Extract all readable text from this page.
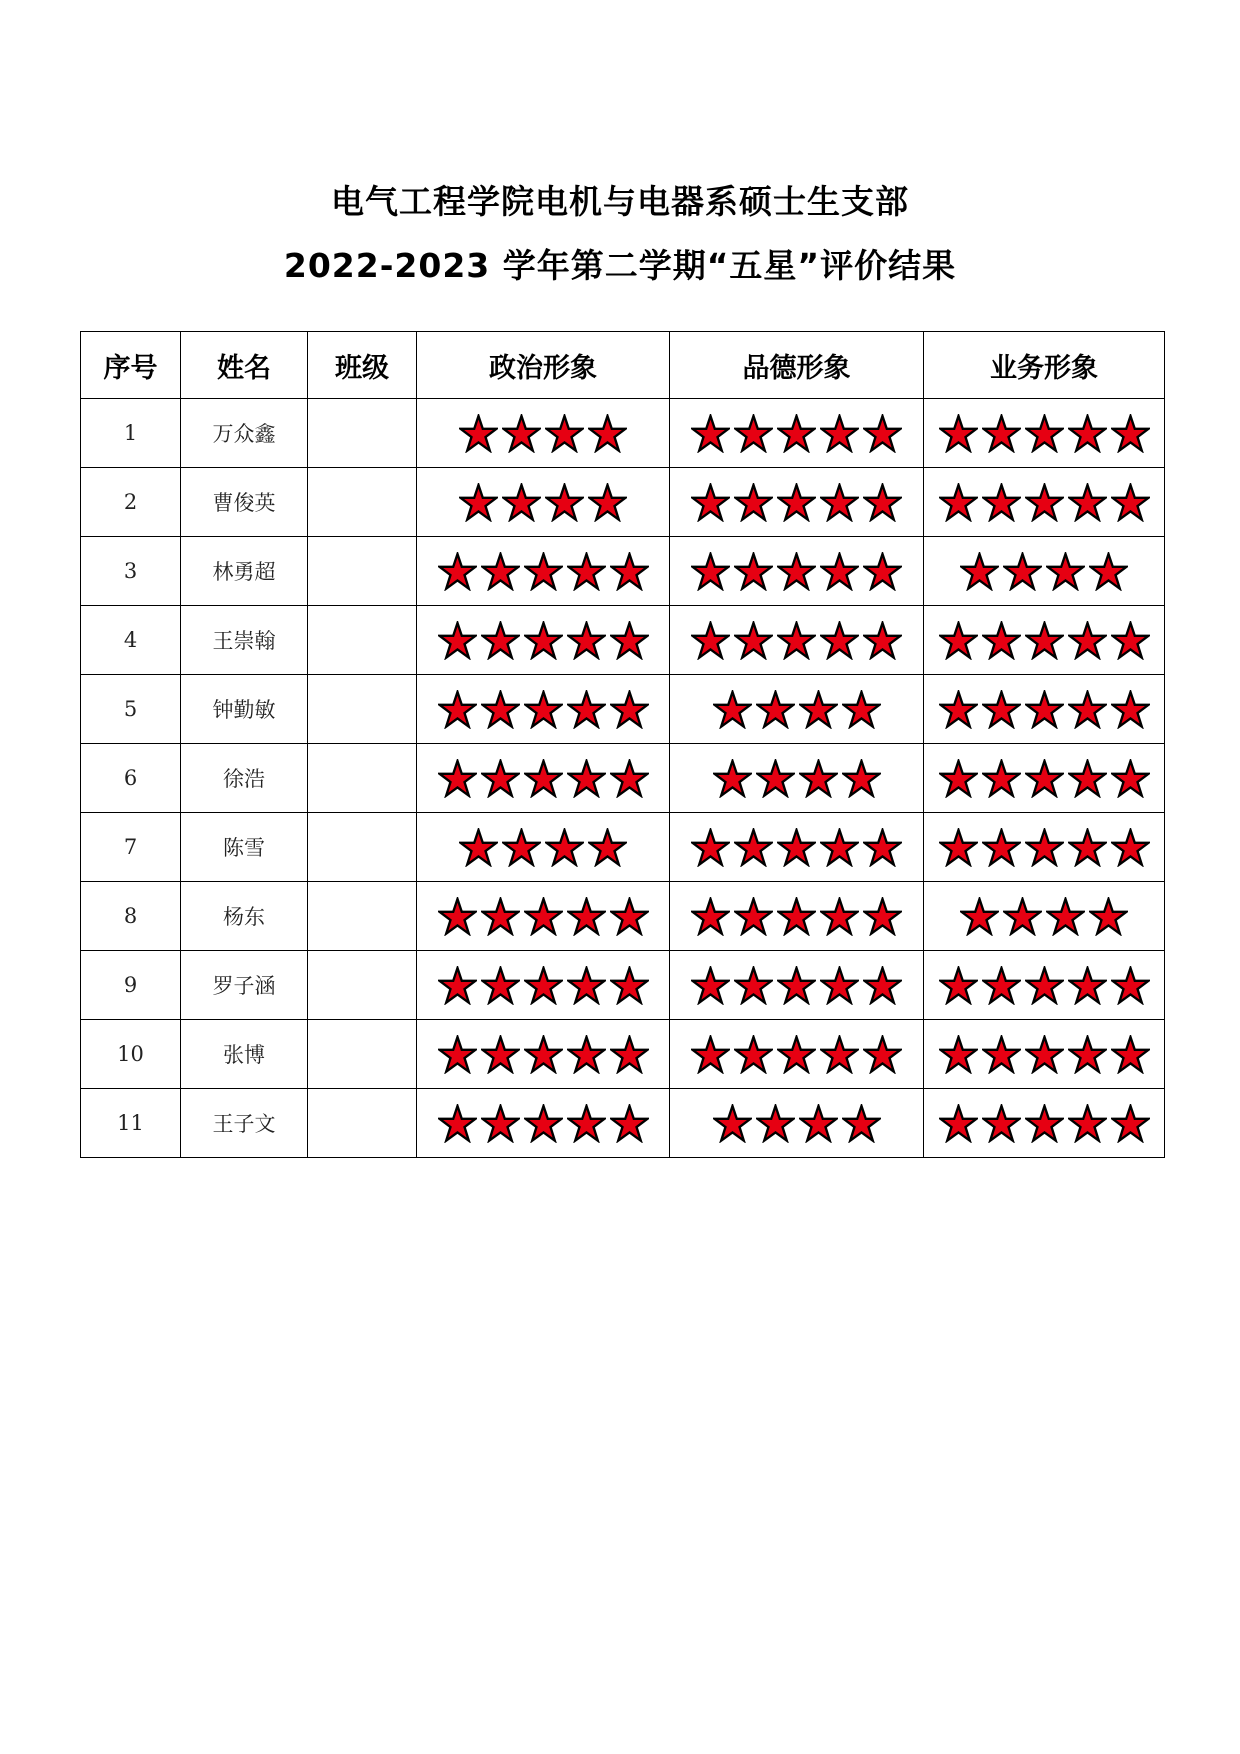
电气工程学院电机与电器系硕士生支部
2022-2023 学年第二学期“五星”评价结果
序号	姓名	班级	政治形象	品德形象	业务形象
1	万众鑫		

2	曹俊英		

3	林勇超		

4	王崇翰		

5	钟勤敏		

6	徐浩		

7	陈雪		

8	杨东		

9	罗子涵		

10	张博		

11	王子文		
